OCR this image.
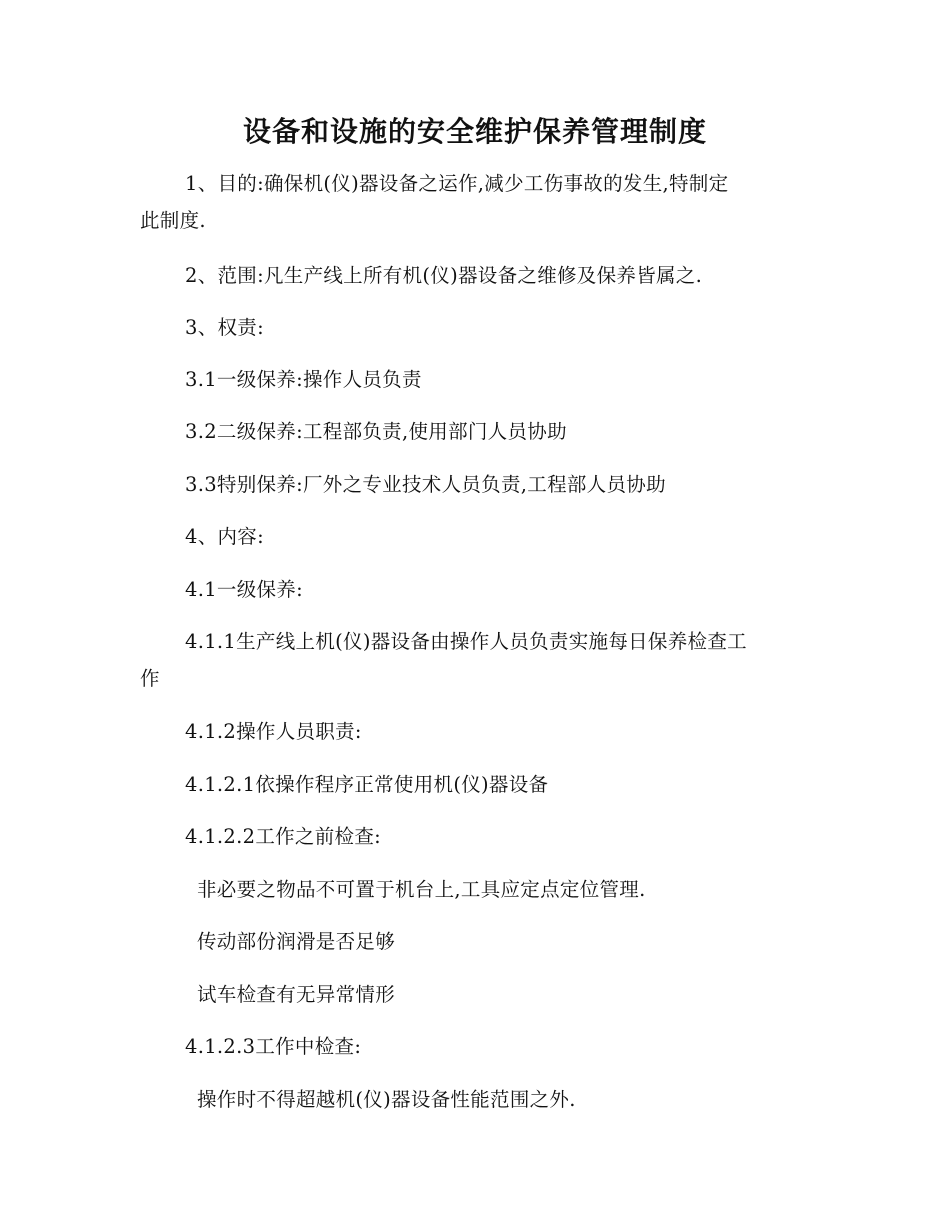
设备和设施的安全维护保养管理制度
1、目的:确保机(仪)器设备之运作,减少工伤事故的发生,特制定
此制度.
2、范围:凡生产线上所有机(仪)器设备之维修及保养皆属之.
3、权责:
3.1一级保养:操作人员负责
3.2二级保养:工程部负责,使用部门人员协助
3.3特别保养:厂外之专业技术人员负责,工程部人员协助
4、内容:
4.1一级保养:
4.1.1生产线上机(仪)器设备由操作人员负责实施每日保养检查工
作
4.1.2操作人员职责:
4.1.2.1依操作程序正常使用机(仪)器设备
4.1.2.2工作之前检查:
非必要之物品不可置于机台上,工具应定点定位管理.
传动部份润滑是否足够
试车检查有无异常情形
4.1.2.3工作中检查:
操作时不得超越机(仪)器设备性能范围之外.
